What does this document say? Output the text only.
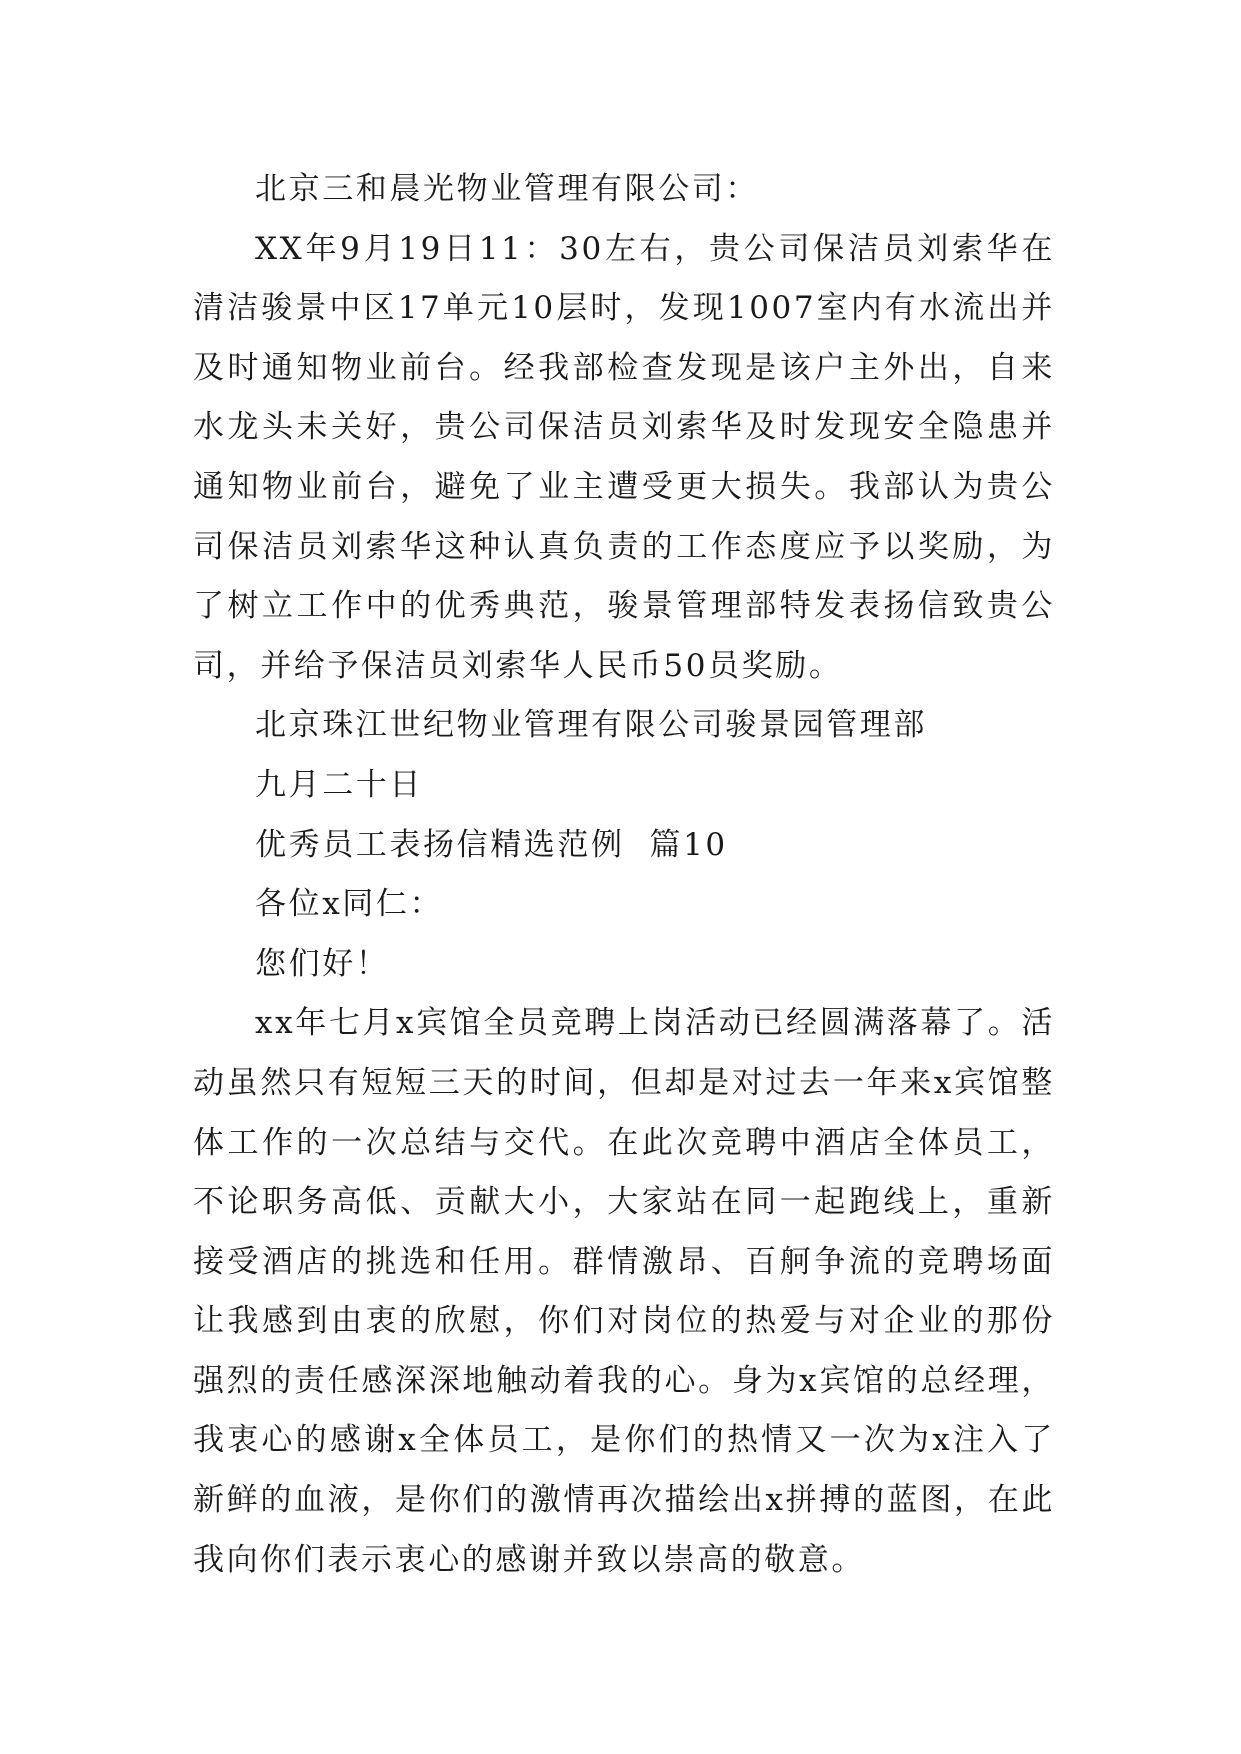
北京三和晨光物业管理有限公司：

XX年9月19日11：30左右，贵公司保洁员刘索华在清洁骏景中区17单元10层时，发现1007室内有水流出并及时通知物业前台。经我部检查发现是该户主外出，自来水龙头未关好，贵公司保洁员刘索华及时发现安全隐患并通知物业前台，避免了业主遭受更大损失。我部认为贵公司保洁员刘索华这种认真负责的工作态度应予以奖励，为了树立工作中的优秀典范，骏景管理部特发表扬信致贵公司，并给予保洁员刘索华人民币50员奖励。

北京珠江世纪物业管理有限公司骏景园管理部

九月二十日

优秀员工表扬信精选范例  篇10

各位x同仁：

您们好！

xx年七月x宾馆全员竞聘上岗活动已经圆满落幕了。活动虽然只有短短三天的时间，但却是对过去一年来x宾馆整体工作的一次总结与交代。在此次竞聘中酒店全体员工，不论职务高低、贡献大小，大家站在同一起跑线上，重新接受酒店的挑选和任用。群情激昂、百舸争流的竞聘场面让我感到由衷的欣慰，你们对岗位的热爱与对企业的那份强烈的责任感深深地触动着我的心。身为x宾馆的总经理，我衷心的感谢x全体员工，是你们的热情又一次为x注入了新鲜的血液，是你们的激情再次描绘出x拼搏的蓝图，在此我向你们表示衷心的感谢并致以崇高的敬意。
